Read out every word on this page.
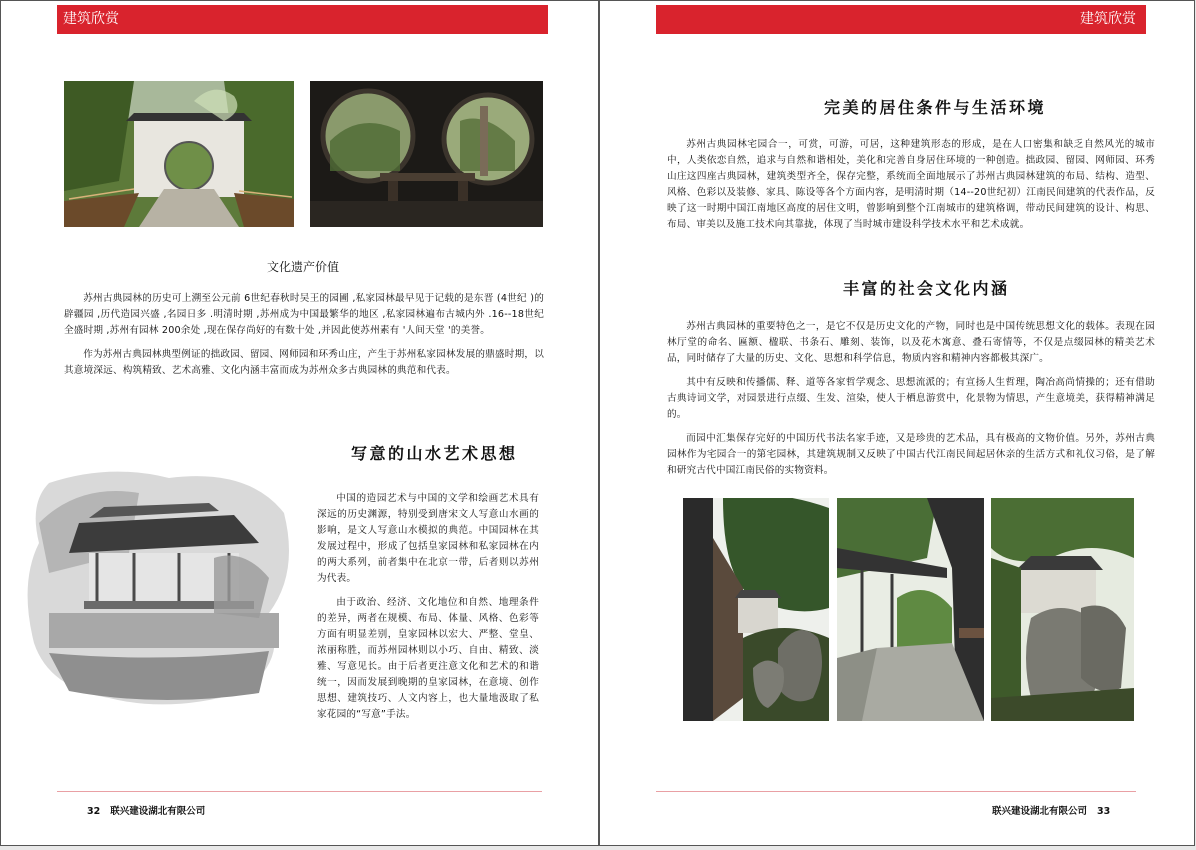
建筑欣赏
文化遗产价值

苏州古典园林的历史可上溯至公元前 6世纪春秋时吴王的园圃 ,私家园林最早见于记载的是东晋 (4世纪 )的辟疆园 ,历代造园兴盛 ,名园日多 .明清时期 ,苏州成为中国最繁华的地区 ,私家园林遍布古城内外 .16--18世纪全盛时期 ,苏州有园林 200余处 ,现在保存尚好的有数十处 ,并因此使苏州素有 '人间天堂 '的美誉。

作为苏州古典园林典型例证的拙政园、留园、网师园和环秀山庄，产生于苏州私家园林发展的鼎盛时期，以其意境深远、构筑精致、艺术高雅、文化内涵丰富而成为苏州众多古典园林的典范和代表。

写意的山水艺术思想

中国的造园艺术与中国的文学和绘画艺术具有深远的历史渊源，特别受到唐宋文人写意山水画的影响，是文人写意山水模拟的典范。中国园林在其发展过程中，形成了包括皇家园林和私家园林在内的两大系列，前者集中在北京一带，后者则以苏州为代表。

由于政治、经济、文化地位和自然、地理条件的差异，两者在规模、布局、体量、风格、色彩等方面有明显差别，皇家园林以宏大、严整、堂皇、浓丽称胜，而苏州园林则以小巧、自由、精致、淡雅、写意见长。由于后者更注意文化和艺术的和谐统一，因而发展到晚期的皇家园林，在意境、创作思想、建筑技巧、人文内容上，也大量地汲取了私家花园的“写意”手法。

32 联兴建设湖北有限公司
建筑欣赏
完美的居住条件与生活环境

苏州古典园林宅园合一，可赏，可游，可居，这种建筑形态的形成，是在人口密集和缺乏自然风光的城市中，人类依恋自然，追求与自然和谐相处，美化和完善自身居住环境的一种创造。拙政园、留园、网师园、环秀山庄这四座古典园林，建筑类型齐全，保存完整，系统而全面地展示了苏州古典园林建筑的布局、结构、造型、风格、色彩以及装修、家具、陈设等各个方面内容，是明清时期（14--20世纪初）江南民间建筑的代表作品，反映了这一时期中国江南地区高度的居住文明，曾影响到整个江南城市的建筑格调，带动民间建筑的设计、构思、布局、审美以及施工技术向其靠拢，体现了当时城市建设科学技术水平和艺术成就。

丰富的社会文化内涵

苏州古典园林的重要特色之一，是它不仅是历史文化的产物，同时也是中国传统思想文化的载体。表现在园林厅堂的命名、匾额、楹联、书条石、雕刻、装饰，以及花木寓意、叠石寄情等，不仅是点缀园林的精美艺术品，同时储存了大量的历史、文化、思想和科学信息，物质内容和精神内容都极其深广。

其中有反映和传播儒、释、道等各家哲学观念、思想流派的；有宣扬人生哲理，陶冶高尚情操的；还有借助古典诗词文学，对园景进行点缀、生发、渲染，使人于栖息游赏中，化景物为情思，产生意境美，获得精神满足的。

而园中汇集保存完好的中国历代书法名家手迹，又是珍贵的艺术品，具有极高的文物价值。另外，苏州古典园林作为宅园合一的第宅园林，其建筑规制又反映了中国古代江南民间起居休亲的生活方式和礼仪习俗，是了解和研究古代中国江南民俗的实物资料。

联兴建设湖北有限公司 33
